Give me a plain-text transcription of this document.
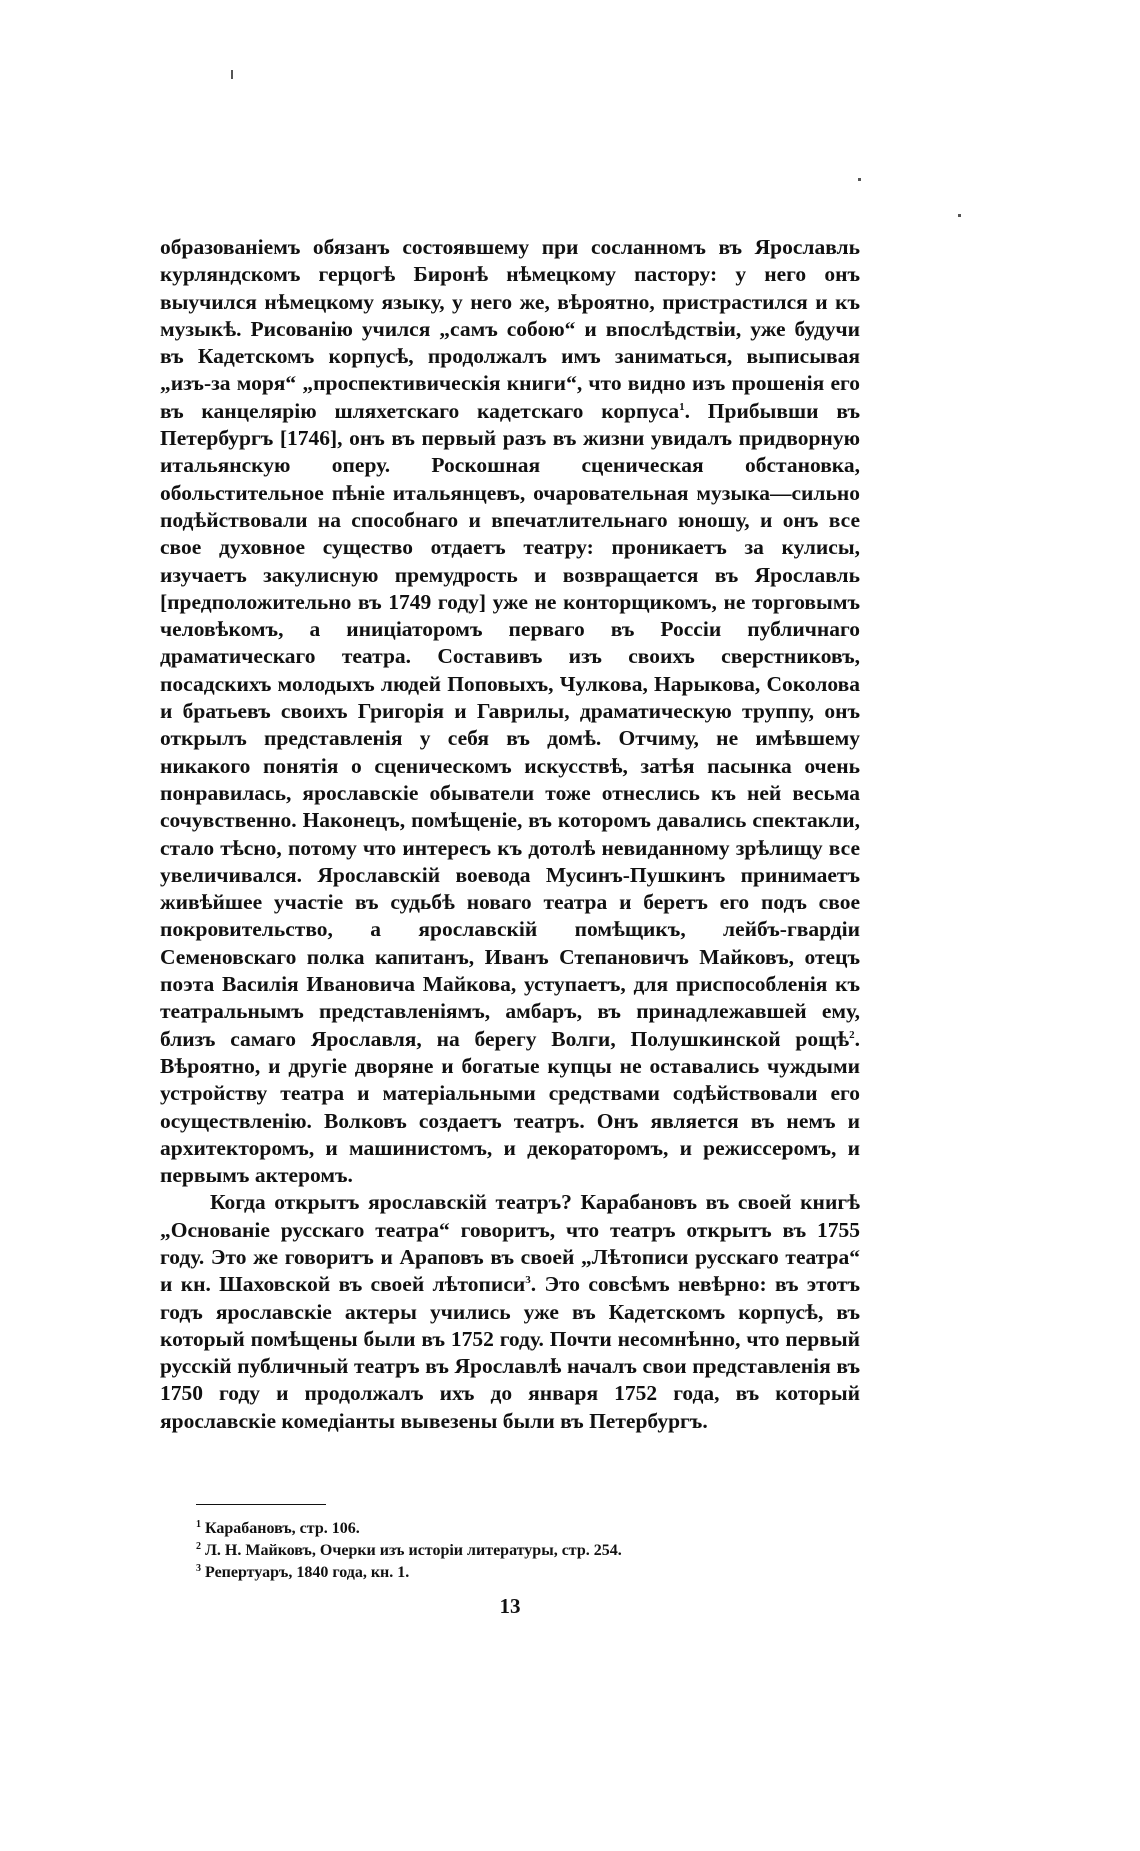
образованіемъ обязанъ состоявшему при сосланномъ въ Ярославль курляндскомъ герцогѣ Биронѣ нѣмецкому пастору: у него онъ выучился нѣмецкому языку, у него же, вѣроятно, пристрастился и къ музыкѣ. Рисованію учился „самъ собою“ и впослѣдствіи, уже будучи въ Кадетскомъ корпусѣ, продолжалъ имъ заниматься, выписывая „изъ-за моря“ „проспективическія книги“, что видно изъ прошенія его въ канцелярію шляхетскаго кадетскаго корпуса$^1$. Прибывши въ Петербургъ [1746], онъ въ первый разъ въ жизни увидалъ придворную итальянскую оперу. Роскошная сценическая обстановка, обольстительное пѣніе итальянцевъ, очаровательная музыка—сильно подѣйствовали на способнаго и впечатлительнаго юношу, и онъ все свое духовное существо отдаетъ театру: проникаетъ за кулисы, изучаетъ закулисную премудрость и возвращается въ Ярославль [предположительно въ 1749 году] уже не конторщикомъ, не торговымъ человѣкомъ, а иниціаторомъ перваго въ Россіи публичнаго драматическаго театра. Составивъ изъ своихъ сверстниковъ, посадскихъ молодыхъ людей Поповыхъ, Чулкова, Нарыкова, Соколова и братьевъ своихъ Григорія и Гаврилы, драматическую труппу, онъ открылъ представленія у себя въ домѣ. Отчиму, не имѣвшему никакого понятія о сценическомъ искусствѣ, затѣя пасынка очень понравилась, ярославскіе обыватели тоже отнеслись къ ней весьма сочувственно. Наконецъ, помѣщеніе, въ которомъ давались спектакли, стало тѣсно, потому что интересъ къ дотолѣ невиданному зрѣлищу все увеличивался. Ярославскій воевода Мусинъ-Пушкинъ принимаетъ живѣйшее участіе въ судьбѣ новаго театра и беретъ его подъ свое покровительство, а ярославскій помѣщикъ, лейбъ-гвардіи Семеновскаго полка капитанъ, Иванъ Степановичъ Майковъ, отецъ поэта Василія Ивановича Майкова, уступаетъ, для приспособленія къ театральнымъ представленіямъ, амбаръ, въ принадлежавшей ему, близъ самаго Ярославля, на берегу Волги, Полушкинской рощѣ$^2$. Вѣроятно, и другіе дворяне и богатые купцы не оставались чуждыми устройству театра и матеріальными средствами содѣйствовали его осуществленію. Волковъ создаетъ театръ. Онъ является въ немъ и архитекторомъ, и машинистомъ, и декораторомъ, и режиссеромъ, и первымъ актеромъ.

Когда открытъ ярославскій театръ? Карабановъ въ своей книгѣ „Основаніе русскаго театра“ говоритъ, что театръ открытъ въ 1755 году. Это же говоритъ и Араповъ въ своей „Лѣтописи русскаго театра“ и кн. Шаховской въ своей лѣтописи$^3$. Это совсѣмъ невѣрно: въ этотъ годъ ярославскіе актеры учились уже въ Кадетскомъ корпусѣ, въ который помѣщены были въ 1752 году. Почти несомнѣнно, что первый русскій публичный театръ въ Ярославлѣ началъ свои представленія въ 1750 году и продолжалъ ихъ до января 1752 года, въ который ярославскіе комедіанты вывезены были въ Петербургъ.

$^1$ Карабановъ, стр. 106.
$^2$ Л. Н. Майковъ, Очерки изъ исторіи литературы, стр. 254.
$^3$ Репертуаръ, 1840 года, кн. 1.
13
